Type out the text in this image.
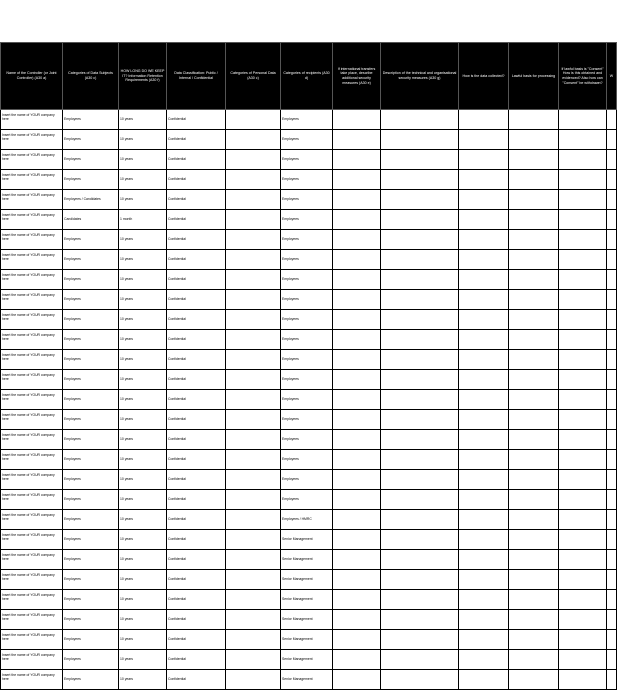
Name of the Controller (or Joint Controller) (A30 a)	Categories of Data Subjects (A30 c)	HOW LONG DO WE KEEP IT? Information Retention Requirements (A30 f)	Data Classification: Public / Internal / Confidential	Categories of Personal Data (A30 c)	Categories of recipients (A30 d)	If international transfers take place, describe additional security measures (A30 e)	Description of the technical and organisational security measures (A30 g)	How is the data collected?	Lawful basis for processing	If lawful basis is "Consent" How is this obtained and evidenced? Also how can "Consent" be withdrawn?	W
Insert the name of YOUR company here	Employees	10 years	Confidential		Employees						
Insert the name of YOUR company here	Employees	10 years	Confidential		Employees						
Insert the name of YOUR company here	Employees	10 years	Confidential		Employees						
Insert the name of YOUR company here	Employees	10 years	Confidential		Employees						
Insert the name of YOUR company here	Employees / Candidates	10 years	Confidential		Employees						
Insert the name of YOUR company here	Candidates	1 month	Confidential		Employees						
Insert the name of YOUR company here	Employees	10 years	Confidential		Employees						
Insert the name of YOUR company here	Employees	10 years	Confidential		Employees						
Insert the name of YOUR company here	Employees	10 years	Confidential		Employees						
Insert the name of YOUR company here	Employees	10 years	Confidential		Employees						
Insert the name of YOUR company here	Employees	10 years	Confidential		Employees						
Insert the name of YOUR company here	Employees	10 years	Confidential		Employees						
Insert the name of YOUR company here	Employees	10 years	Confidential		Employees						
Insert the name of YOUR company here	Employees	10 years	Confidential		Employees						
Insert the name of YOUR company here	Employees	10 years	Confidential		Employees						
Insert the name of YOUR company here	Employees	10 years	Confidential		Employees						
Insert the name of YOUR company here	Employees	10 years	Confidential		Employees						
Insert the name of YOUR company here	Employees	10 years	Confidential		Employees						
Insert the name of YOUR company here	Employees	10 years	Confidential		Employees						
Insert the name of YOUR company here	Employees	10 years	Confidential		Employees						
Insert the name of YOUR company here	Employees	10 years	Confidential		Employees / HMRC						
Insert the name of YOUR company here	Employees	10 years	Confidential		Senior Management						
Insert the name of YOUR company here	Employees	10 years	Confidential		Senior Management						
Insert the name of YOUR company here	Employees	10 years	Confidential		Senior Management						
Insert the name of YOUR company here	Employees	10 years	Confidential		Senior Management						
Insert the name of YOUR company here	Employees	10 years	Confidential		Senior Management						
Insert the name of YOUR company here	Employees	10 years	Confidential		Senior Management						
Insert the name of YOUR company here	Employees	10 years	Confidential		Senior Management						
Insert the name of YOUR company here	Employees	10 years	Confidential		Senior Management						
